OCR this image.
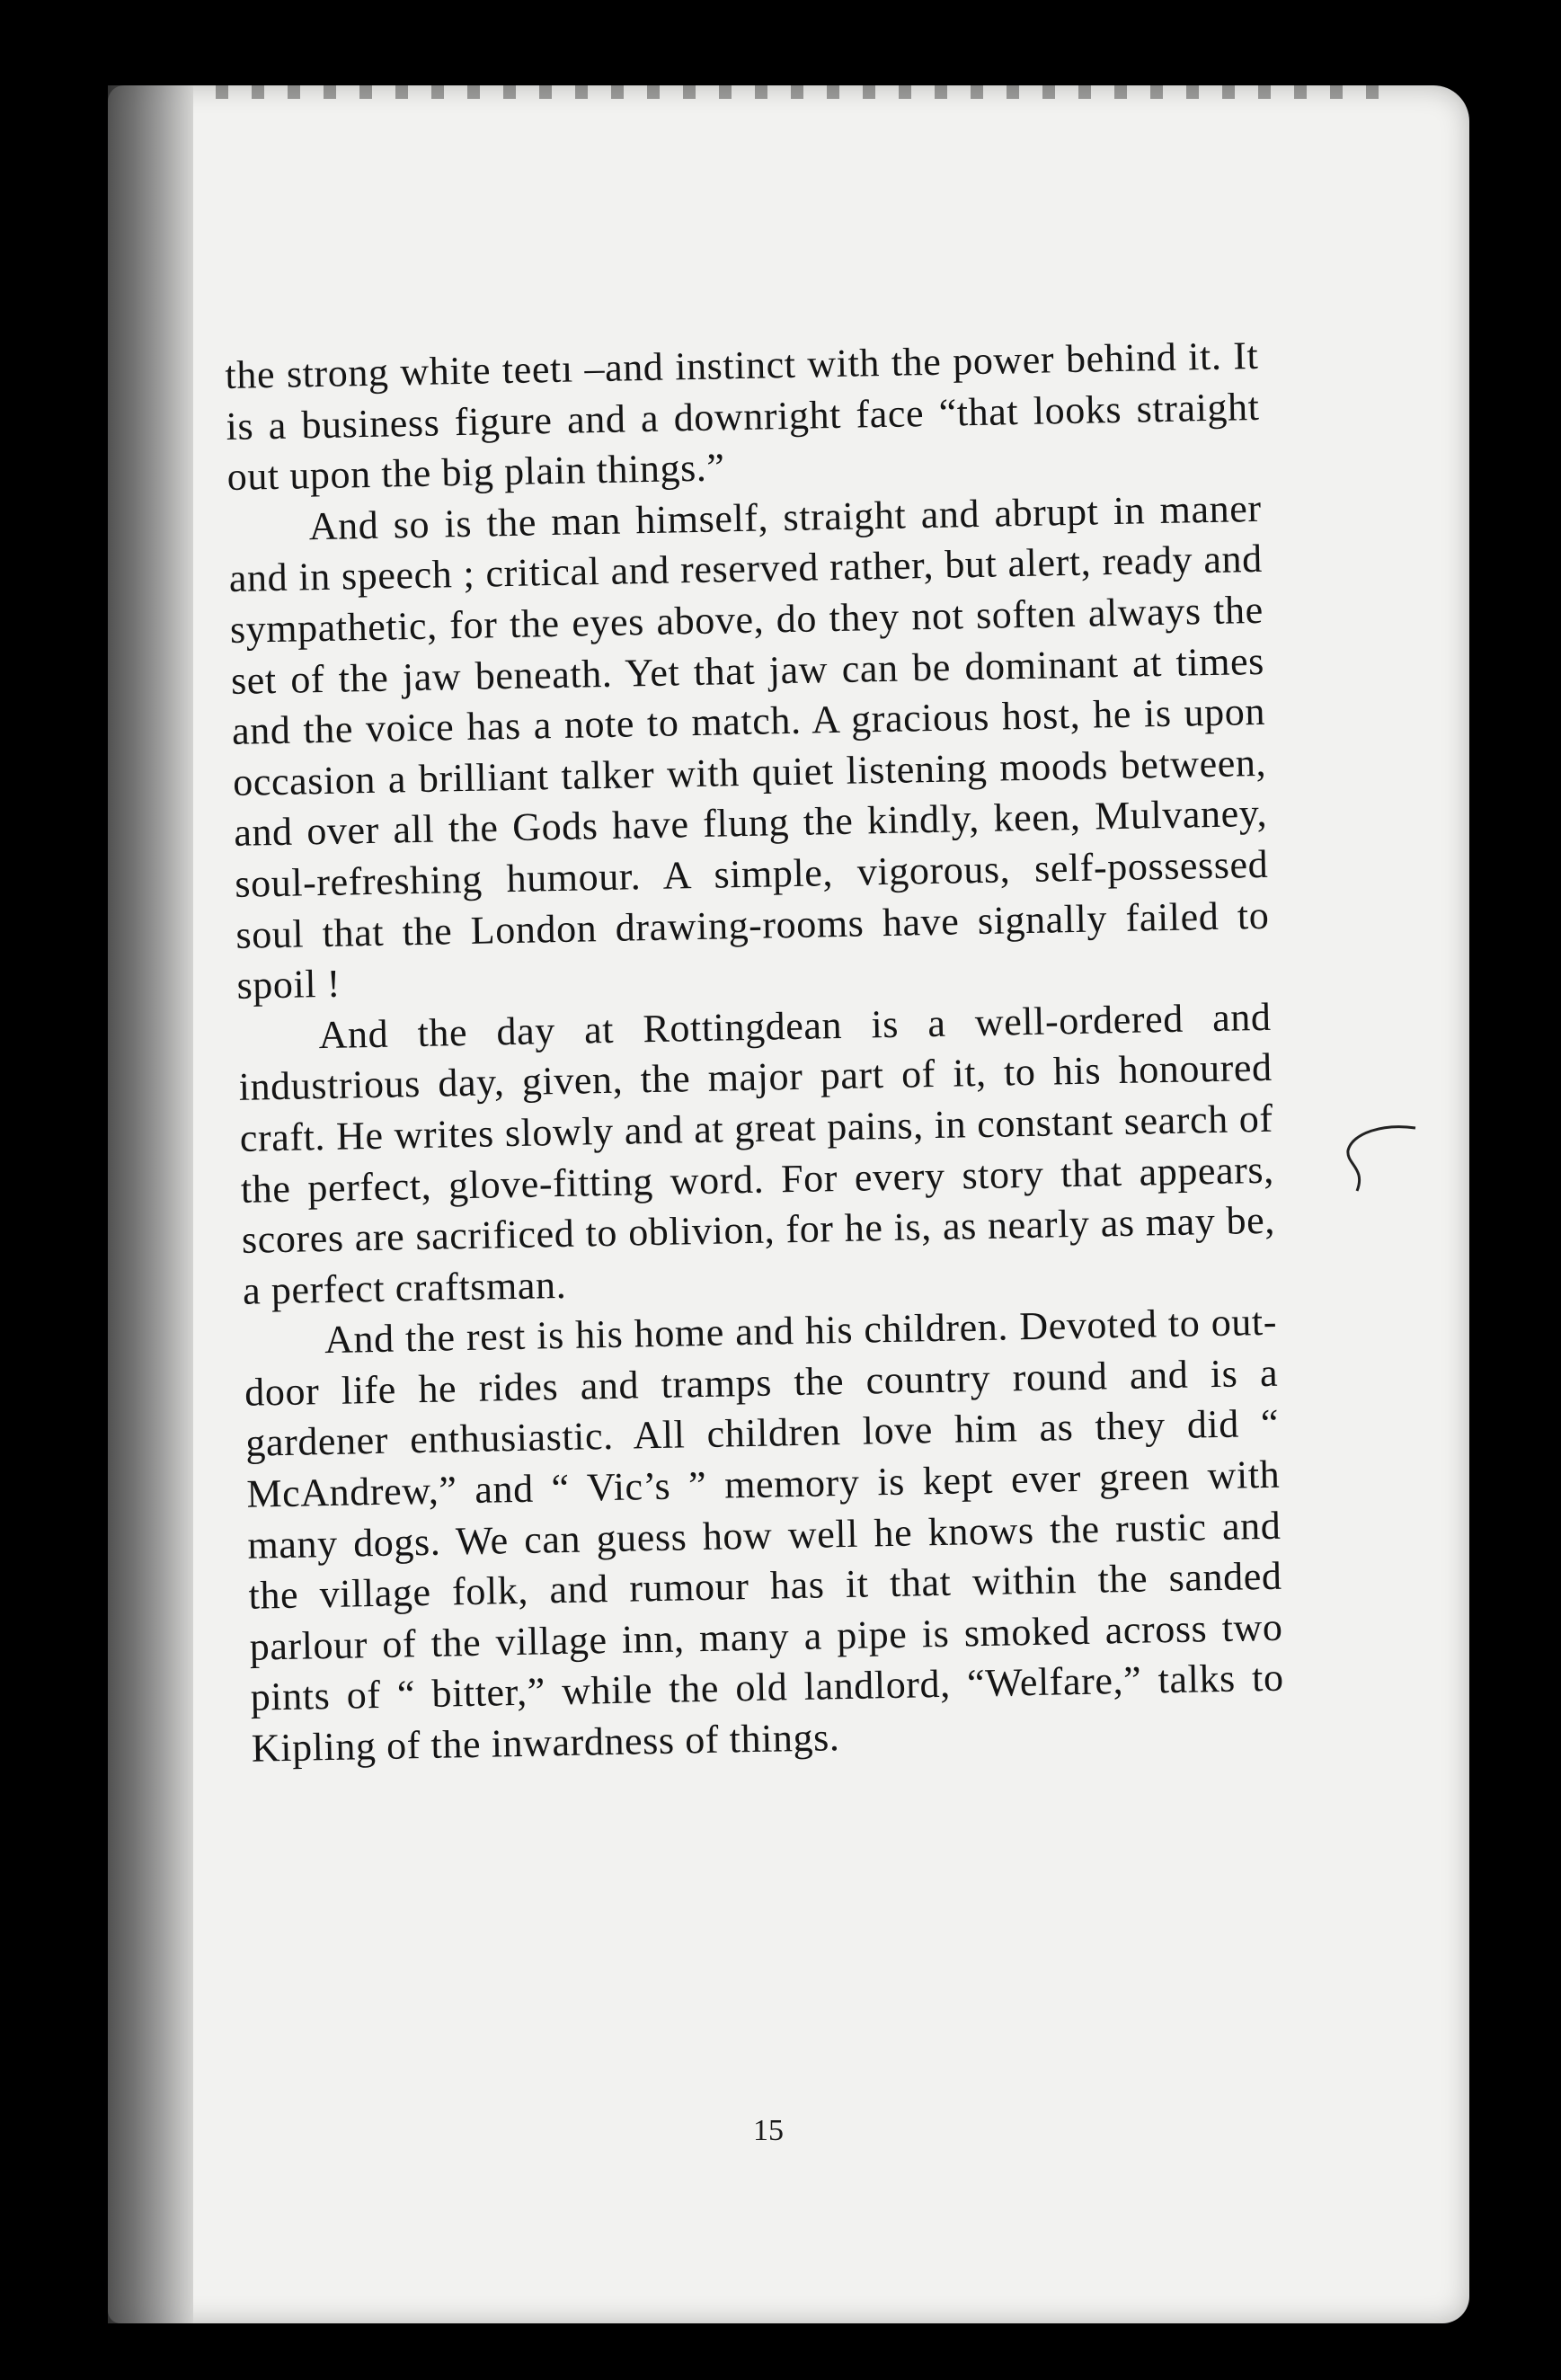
the strong white teetı –and instinct with the power behind it. It is a business figure and a downright face “that looks straight out upon the big plain things.”

And so is the man himself, straight and abrupt in maner and in speech ; critical and reserved rather, but alert, ready and sympathetic, for the eyes above, do they not soften always the set of the jaw beneath. Yet that jaw can be dominant at times and the voice has a note to match. A gracious host, he is upon occasion a brilliant talker with quiet listening moods between, and over all the Gods have flung the kindly, keen, Mulvaney, soul-refreshing humour. A simple, vigorous, self-possessed soul that the London drawing-rooms have signally failed to spoil !

And the day at Rottingdean is a well-ordered and industrious day, given, the major part of it, to his honoured craft. He writes slowly and at great pains, in constant search of the perfect, glove-fitting word. For every story that appears, scores are sacrificed to oblivion, for he is, as nearly as may be, a perfect craftsman.

And the rest is his home and his children. Devoted to out-door life he rides and tramps the country round and is a gardener enthusiastic. All children love him as they did “ McAndrew,” and “ Vic’s ” memory is kept ever green with many dogs. We can guess how well he knows the rustic and the village folk, and rumour has it that within the sanded parlour of the village inn, many a pipe is smoked across two pints of “ bitter,” while the old landlord, “Welfare,” talks to Kipling of the inwardness of things.

15
